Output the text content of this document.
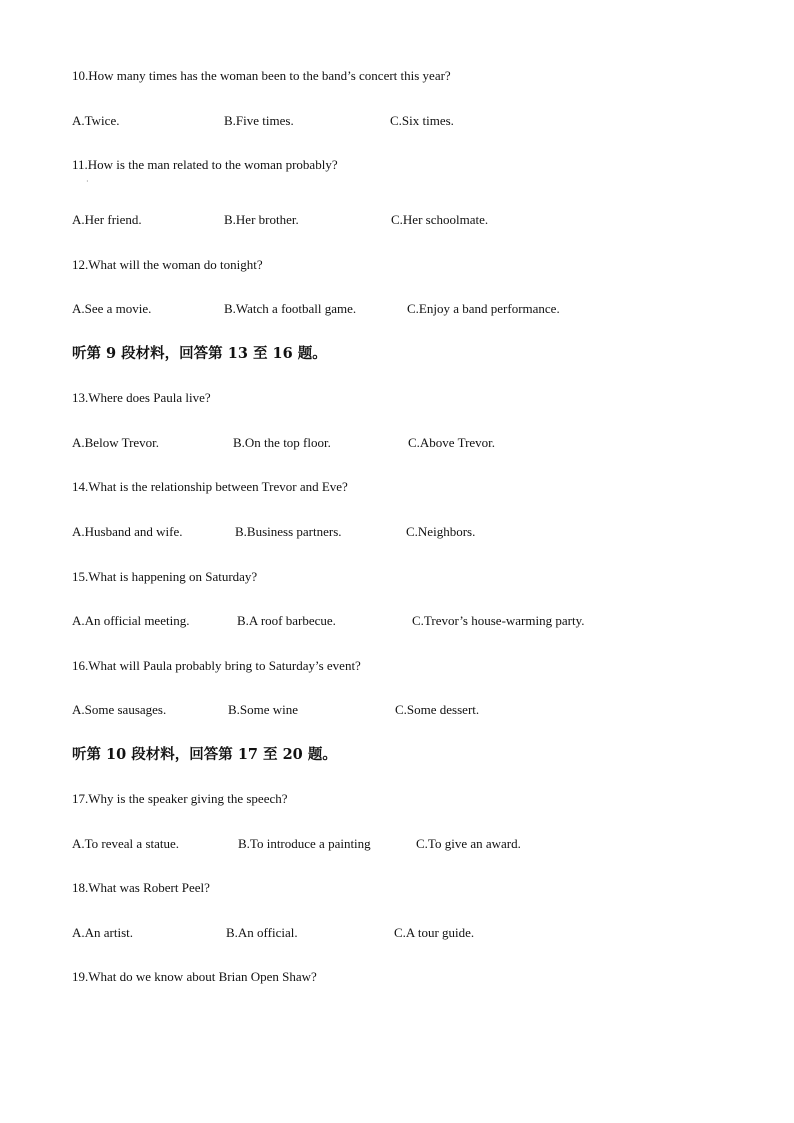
10.How many times has the woman been to the band’s concert this year?
A.Twice.	B.Five times.	C.Six times.
11.How is the man related to the woman probably?
·
A.Her friend.	B.Her brother.	C.Her schoolmate.
12.What will the woman do tonight?
A.See a movie.	B.Watch a football game.	C.Enjoy a band performance.
听第 9 段材料，回答第 13 至 16 题。
13.Where does Paula live?
A.Below Trevor.	B.On the top floor.	C.Above Trevor.
14.What is the relationship between Trevor and Eve?
A.Husband and wife.	B.Business partners.	C.Neighbors.
15.What is happening on Saturday?
A.An official meeting.	B.A roof barbecue.	C.Trevor’s house-warming party.
16.What will Paula probably bring to Saturday’s event?
A.Some sausages.	B.Some wine	C.Some dessert.
听第 10 段材料，回答第 17 至 20 题。
17.Why is the speaker giving the speech?
A.To reveal a statue.	B.To introduce a painting	C.To give an award.
18.What was Robert Peel?
A.An artist.	B.An official.	C.A tour guide.
19.What do we know about Brian Open Shaw?
